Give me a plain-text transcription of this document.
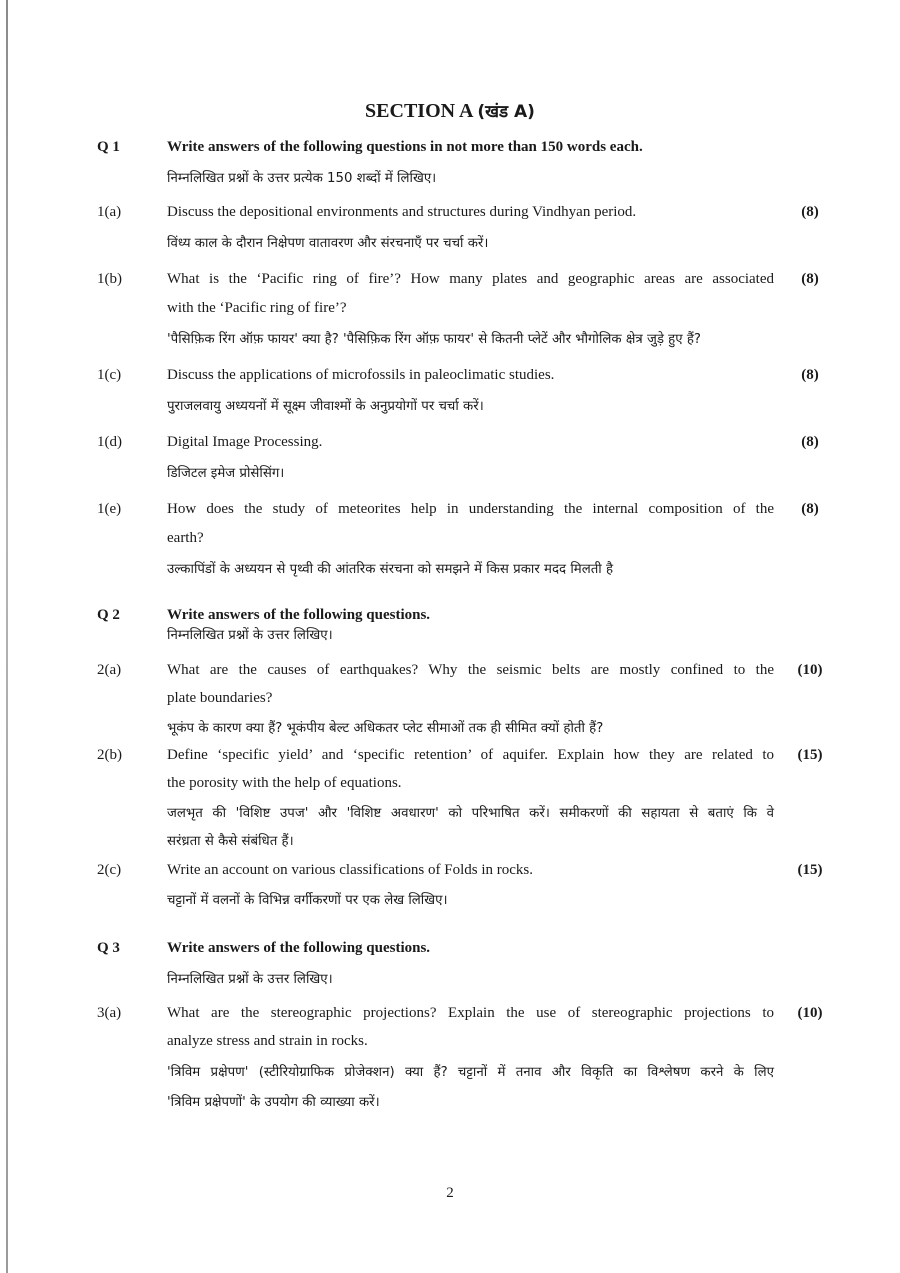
SECTION A (खंड A)
Q 1	Write answers of the following questions in not more than 150 words each.
निम्नलिखित प्रश्नों के उत्तर प्रत्येक 150 शब्दों में लिखिए।
1(a)	Discuss the depositional environments and structures during Vindhyan period.
विंध्य काल के दौरान निक्षेपण वातावरण और संरचनाएँ पर चर्चा करें।
(8)
1(b)	What is the ‘Pacific ring of fire’? How many plates and geographic areas are associated
with the ‘Pacific ring of fire’?
'पैसिफ़िक रिंग ऑफ़ फायर' क्या है? 'पैसिफ़िक रिंग ऑफ़ फायर' से कितनी प्लेटें और भौगोलिक क्षेत्र जुड़े हुए हैं?
(8)
1(c)	Discuss the applications of microfossils in paleoclimatic studies.
पुराजलवायु अध्ययनों में सूक्ष्म जीवाश्मों के अनुप्रयोगों पर चर्चा करें।
(8)
1(d)	Digital Image Processing.
डिजिटल इमेज प्रोसेसिंग।
(8)
1(e)	How does the study of meteorites help in understanding the internal composition of the
earth?
उल्कापिंडों के अध्ययन से पृथ्वी की आंतरिक संरचना को समझने में किस प्रकार मदद मिलती है
(8)
Q 2	Write answers of the following questions.
निम्नलिखित प्रश्नों के उत्तर लिखिए।
2(a)	What are the causes of earthquakes? Why the seismic belts are mostly confined to the
plate boundaries?
भूकंप के कारण क्या हैं? भूकंपीय बेल्ट अधिकतर प्लेट सीमाओं तक ही सीमित क्यों होती हैं?
(10)
2(b)	Define ‘specific yield’ and ‘specific retention’ of aquifer. Explain how they are related to
the porosity with the help of equations.
जलभृत की 'विशिष्ट उपज' और 'विशिष्ट अवधारण' को परिभाषित करें। समीकरणों की सहायता से बताएं कि वे
सरंध्रता से कैसे संबंधित हैं।
(15)
2(c)	Write an account on various classifications of Folds in rocks.
चट्टानों में वलनों के विभिन्न वर्गीकरणों पर एक लेख लिखिए।
(15)
Q 3	Write answers of the following questions.
निम्नलिखित प्रश्नों के उत्तर लिखिए।
3(a)	What are the stereographic projections? Explain the use of stereographic projections to
analyze stress and strain in rocks.
'त्रिविम प्रक्षेपण' (स्टीरियोग्राफिक प्रोजेक्शन) क्या हैं? चट्टानों में तनाव और विकृति का विश्लेषण करने के लिए
'त्रिविम प्रक्षेपणों' के उपयोग की व्याख्या करें।
(10)
2
